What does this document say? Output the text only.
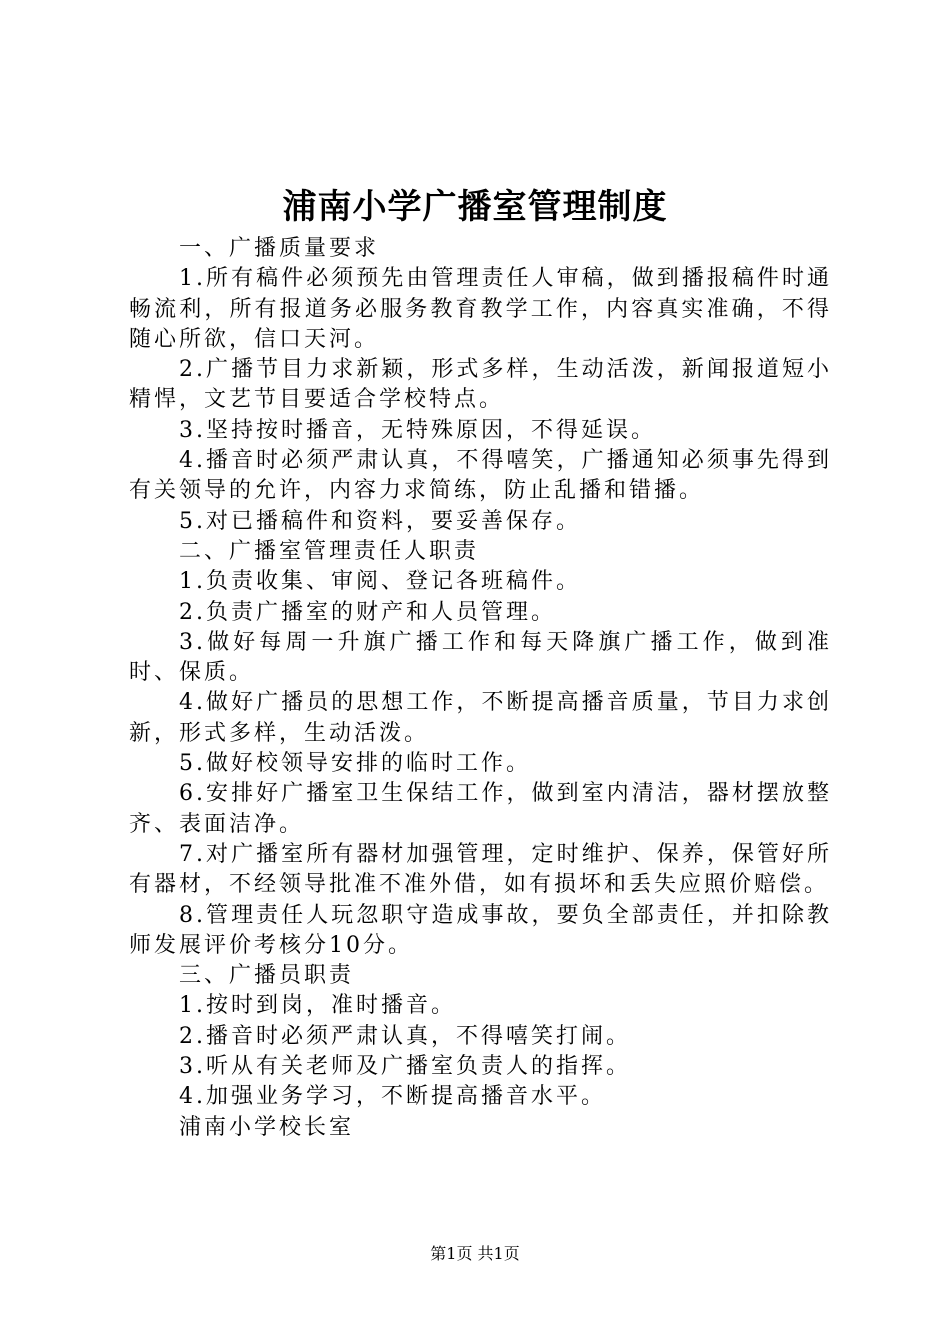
浦南小学广播室管理制度

一、广播质量要求

1.所有稿件必须预先由管理责任人审稿，做到播报稿件时通畅流利，所有报道务必服务教育教学工作，内容真实准确，不得随心所欲，信口天河。

2.广播节目力求新颖，形式多样，生动活泼，新闻报道短小精悍，文艺节目要适合学校特点。

3.坚持按时播音，无特殊原因，不得延误。

4.播音时必须严肃认真，不得嘻笑，广播通知必须事先得到有关领导的允许，内容力求简练，防止乱播和错播。

5.对已播稿件和资料，要妥善保存。

二、广播室管理责任人职责

1.负责收集、审阅、登记各班稿件。

2.负责广播室的财产和人员管理。

3.做好每周一升旗广播工作和每天降旗广播工作，做到准时、保质。

4.做好广播员的思想工作，不断提高播音质量，节目力求创新，形式多样，生动活泼。

5.做好校领导安排的临时工作。

6.安排好广播室卫生保结工作，做到室内清洁，器材摆放整齐、表面洁净。

7.对广播室所有器材加强管理，定时维护、保养，保管好所有器材，不经领导批准不准外借，如有损坏和丢失应照价赔偿。

8.管理责任人玩忽职守造成事故，要负全部责任，并扣除教师发展评价考核分10分。

三、广播员职责

1.按时到岗，准时播音。

2.播音时必须严肃认真，不得嘻笑打闹。

3.听从有关老师及广播室负责人的指挥。

4.加强业务学习，不断提高播音水平。

浦南小学校长室

第1页 共1页
